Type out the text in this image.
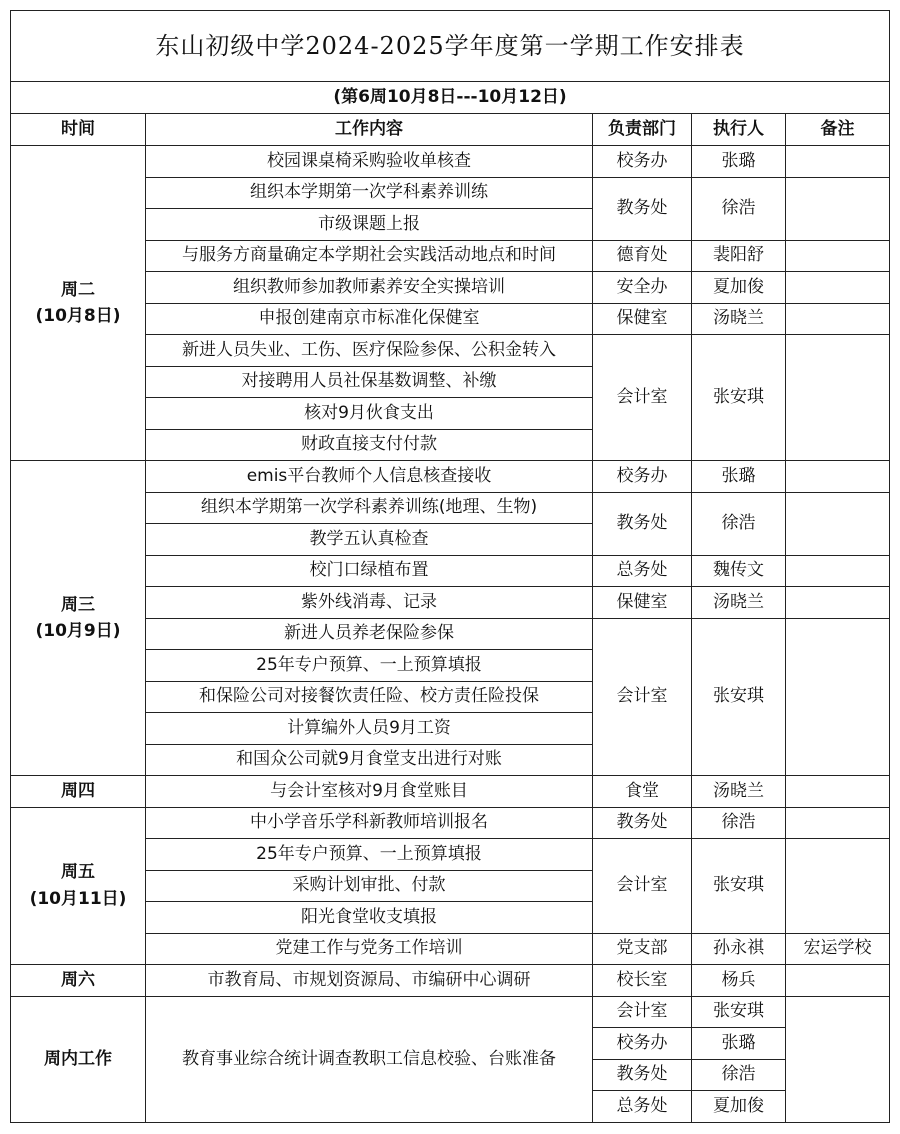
东山初级中学2024-2025学年度第一学期工作安排表				
(第6周10月8日---10月12日)				
时间	工作内容	负责部门	执行人	备注

周二
(10月8日)	校园课桌椅采购验收单核查	校务办	张璐	
	组织本学期第一次学科素养训练	教务处	徐浩	
	市级课题上报			
	与服务方商量确定本学期社会实践活动地点和时间	德育处	裴阳舒	
	组织教师参加教师素养安全实操培训	安全办	夏加俊	
	申报创建南京市标准化保健室	保健室	汤晓兰	
	新进人员失业、工伤、医疗保险参保、公积金转入	会计室	张安琪	
	对接聘用人员社保基数调整、补缴			
	核对9月伙食支出			
	财政直接支付付款			

周三
(10月9日)	emis平台教师个人信息核查接收	校务办	张璐	
	组织本学期第一次学科素养训练(地理、生物)	教务处	徐浩	
	教学五认真检查			
	校门口绿植布置	总务处	魏传文	
	紫外线消毒、记录	保健室	汤晓兰	
	新进人员养老保险参保	会计室	张安琪	
	25年专户预算、一上预算填报			
	和保险公司对接餐饮责任险、校方责任险投保			
	计算编外人员9月工资			
	和国众公司就9月食堂支出进行对账			

周四	与会计室核对9月食堂账目	食堂	汤晓兰	

周五
(10月11日)	中小学音乐学科新教师培训报名	教务处	徐浩	
	25年专户预算、一上预算填报	会计室	张安琪	
	采购计划审批、付款			
	阳光食堂收支填报			
	党建工作与党务工作培训	党支部	孙永祺	宏运学校

周六	市教育局、市规划资源局、市编研中心调研	校长室	杨兵	
周内工作	教育事业综合统计调查教职工信息校验、台账准备	会计室	张安琪	
		校务办	张璐	
		教务处	徐浩	
		总务处	夏加俊	
